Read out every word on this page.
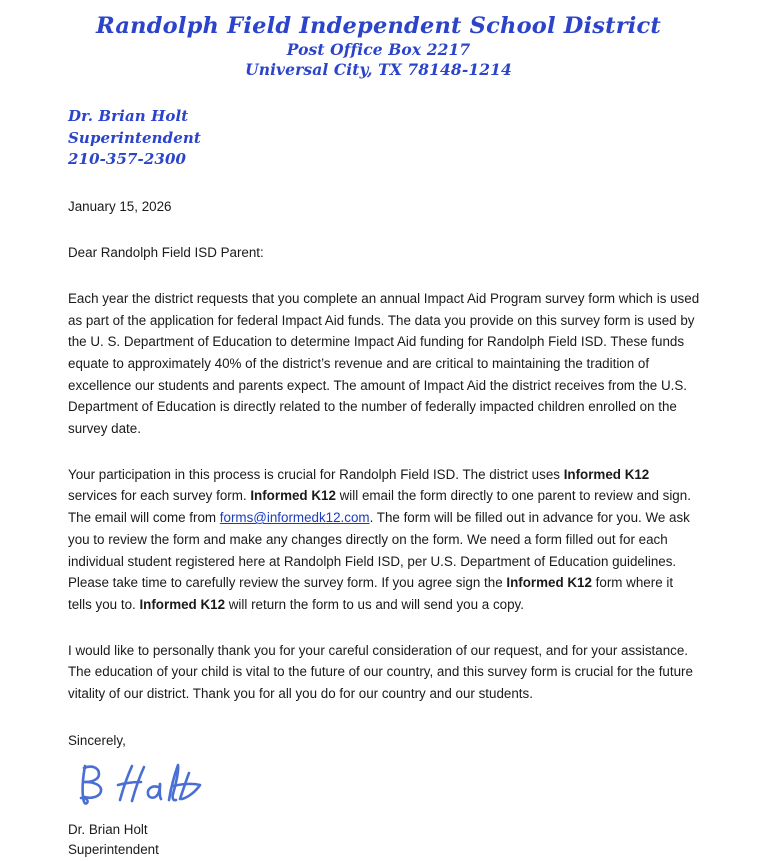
Randolph Field Independent School District
Post Office Box 2217
Universal City, TX 78148-1214
Dr. Brian Holt
Superintendent
210-357-2300
January 15, 2026
Dear Randolph Field ISD Parent:

Each year the district requests that you complete an annual Impact Aid Program survey form which is used as part of the application for federal Impact Aid funds. The data you provide on this survey form is used by the U. S. Department of Education to determine Impact Aid funding for Randolph Field ISD. These funds equate to approximately 40% of the district’s revenue and are critical to maintaining the tradition of excellence our students and parents expect. The amount of Impact Aid the district receives from the U.S. Department of Education is directly related to the number of federally impacted children enrolled on the survey date.

Your participation in this process is crucial for Randolph Field ISD. The district uses Informed K12 services for each survey form. Informed K12 will email the form directly to one parent to review and sign. The email will come from forms@informedk12.com. The form will be filled out in advance for you. We ask you to review the form and make any changes directly on the form. We need a form filled out for each individual student registered here at Randolph Field ISD, per U.S. Department of Education guidelines. Please take time to carefully review the survey form. If you agree sign the Informed K12 form where it tells you to. Informed K12 will return the form to us and will send you a copy.

I would like to personally thank you for your careful consideration of our request, and for your assistance. The education of your child is vital to the future of our country, and this survey form is crucial for the future vitality of our district. Thank you for all you do for our country and our students.

Sincerely,
Dr. Brian Holt
Superintendent
